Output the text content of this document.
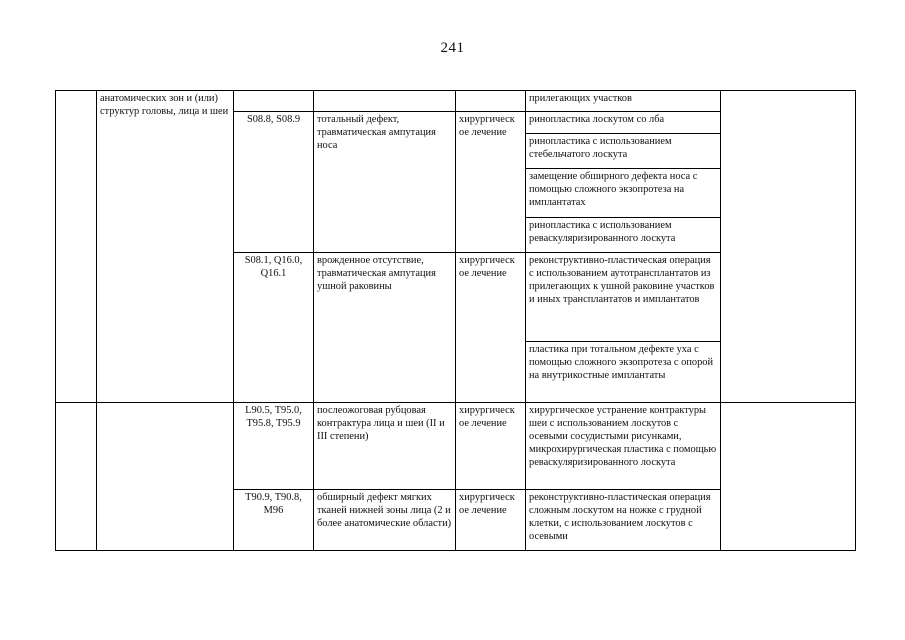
241
	анатомических зон и (или) структур головы, лица и шеи				прилегающих участков	
		S08.8, S08.9	тотальный дефект, травматическая ампутация носа	хирургическ ое лечение	ринопластика лоскутом со лба	
					ринопластика с использованием стебельчатого лоскута	
					замещение обширного дефекта носа с помощью сложного экзопротеза на имплантатах	
					ринопластика с использованием реваскуляризированного лоскута	
		S08.1, Q16.0, Q16.1	врожденное отсутствие, травматическая ампутация ушной раковины	хирургическ ое лечение	реконструктивно-пластическая операция с использованием аутотрансплантатов из прилегающих к ушной раковине участков и иных трансплантатов и имплантатов	
					пластика при тотальном дефекте уха с помощью сложного экзопротеза с опорой на внутрикостные имплантаты	
		L90.5, T95.0, T95.8, T95.9	послеожоговая рубцовая контрактура лица и шеи (II и III степени)	хирургическ ое лечение	хирургическое устранение контрактуры шеи с использованием лоскутов с осевыми сосудистыми рисунками, микрохирургическая пластика с помощью реваскуляризированного лоскута	
		T90.9, T90.8, M96	обширный дефект мягких тканей нижней зоны лица (2 и более анатомические области)	хирургическ ое лечение	реконструктивно-пластическая операция сложным лоскутом на ножке с грудной клетки, с использованием лоскутов с осевыми	
